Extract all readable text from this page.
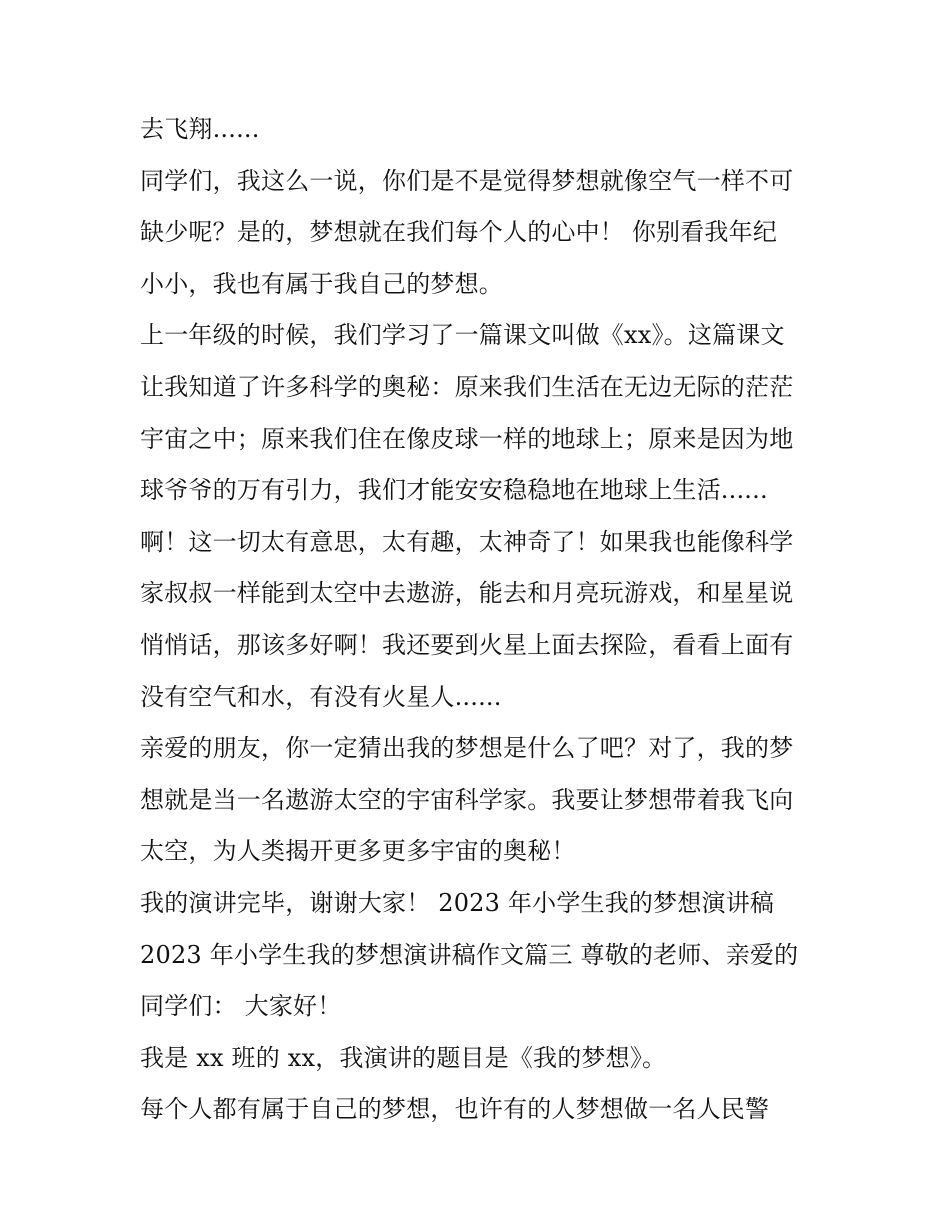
去飞翔......
同学们，我这么一说，你们是不是觉得梦想就像空气一样不可
缺少呢？是的，梦想就在我们每个人的心中！ 你别看我年纪
小小，我也有属于我自己的梦想。
上一年级的时候，我们学习了一篇课文叫做《xx》。这篇课文
让我知道了许多科学的奥秘：原来我们生活在无边无际的茫茫
宇宙之中；原来我们住在像皮球一样的地球上；原来是因为地
球爷爷的万有引力，我们才能安安稳稳地在地球上生活......
啊！这一切太有意思，太有趣，太神奇了！如果我也能像科学
家叔叔一样能到太空中去遨游，能去和月亮玩游戏，和星星说
悄悄话，那该多好啊！我还要到火星上面去探险，看看上面有
没有空气和水，有没有火星人......
亲爱的朋友，你一定猜出我的梦想是什么了吧？对了，我的梦
想就是当一名遨游太空的宇宙科学家。我要让梦想带着我飞向
太空，为人类揭开更多更多宇宙的奥秘！
我的演讲完毕，谢谢大家！ 2023 年小学生我的梦想演讲稿
2023 年小学生我的梦想演讲稿作文篇三 尊敬的老师、亲爱的
同学们： 大家好！
我是 xx 班的 xx，我演讲的题目是《我的梦想》。
每个人都有属于自己的梦想，也许有的人梦想做一名人民警
